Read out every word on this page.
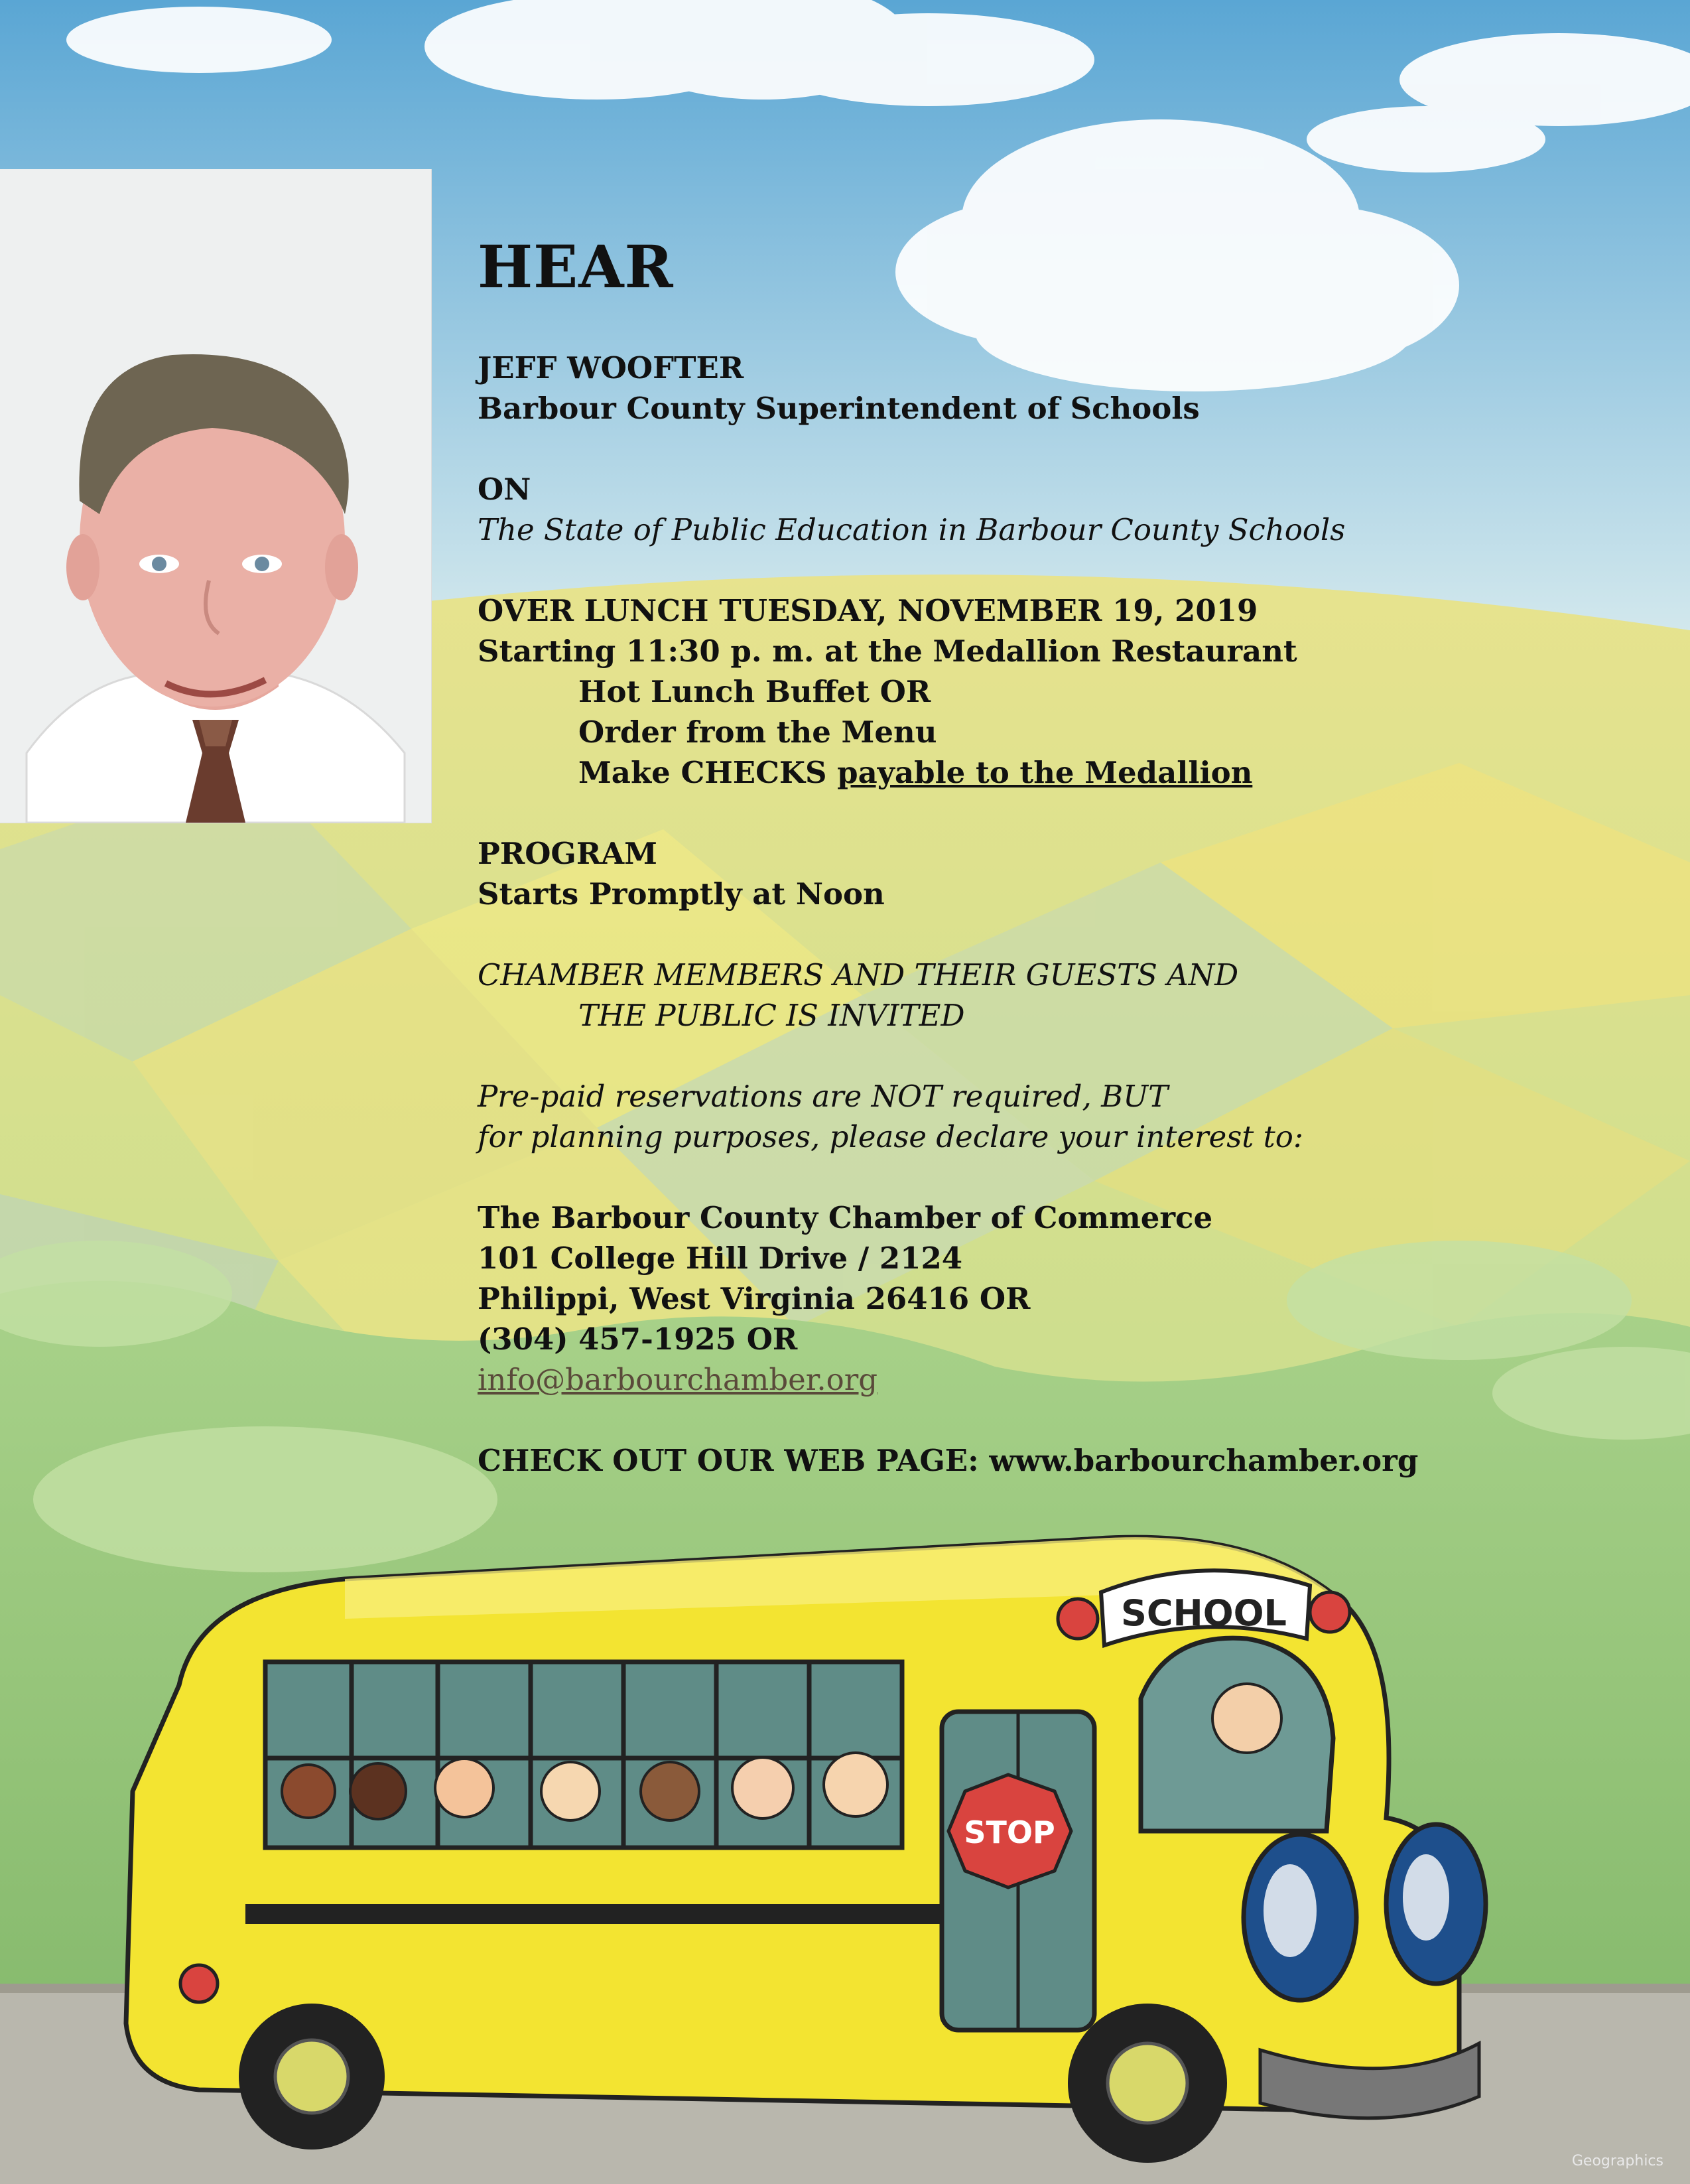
HEAR
JEFF WOOFTER
Barbour County Superintendent of Schools
ON
The State of Public Education in Barbour County Schools
OVER LUNCH TUESDAY, NOVEMBER 19, 2019
Starting 11:30 p. m. at the Medallion Restaurant
Hot Lunch Buffet OR
Order from the Menu
Make CHECKS payable to the Medallion
PROGRAM
Starts Promptly at Noon
CHAMBER MEMBERS AND THEIR GUESTS AND
THE PUBLIC IS INVITED
Pre-paid reservations are NOT required, BUT
for planning purposes, please declare your interest to:
The Barbour County Chamber of Commerce
101 College Hill Drive / 2124
Philippi, West Virginia 26416 OR
(304) 457-1925 OR
info@barbourchamber.org
CHECK OUT OUR WEB PAGE: www.barbourchamber.org
STOP
SCHOOL
Geographics
